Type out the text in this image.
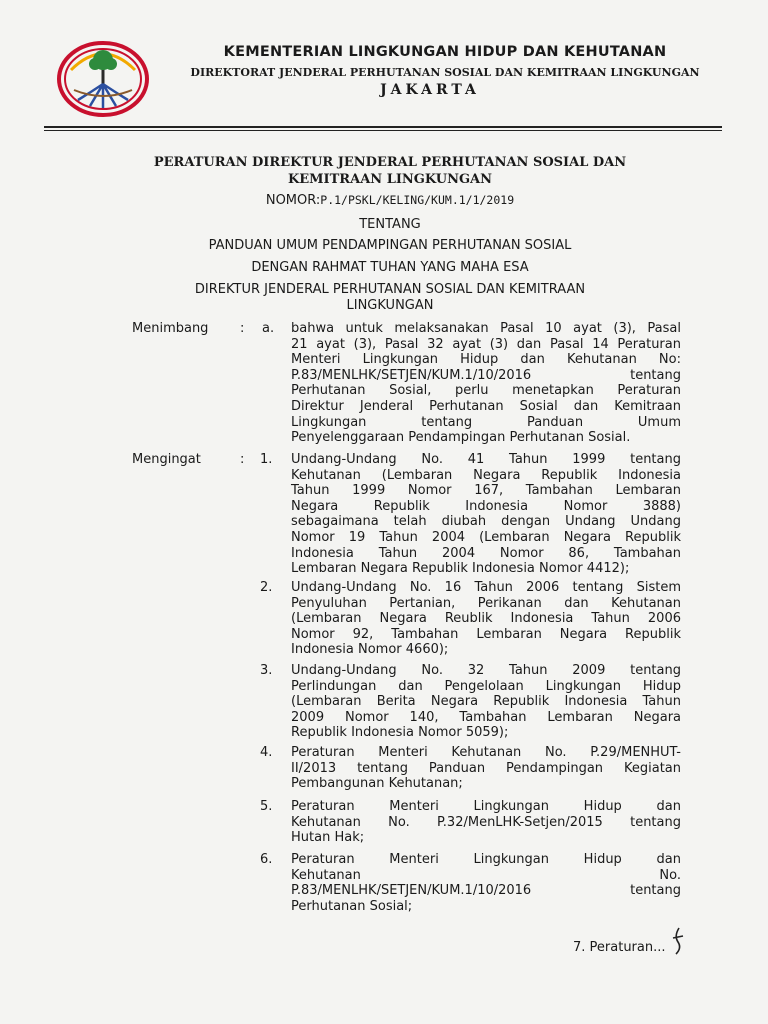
KEMENTERIAN LINGKUNGAN HIDUP DAN KEHUTANAN
DIREKTORAT JENDERAL PERHUTANAN SOSIAL DAN KEMITRAAN LINGKUNGAN
JAKARTA
PERATURAN DIREKTUR JENDERAL PERHUTANAN SOSIAL DAN
KEMITRAAN LINGKUNGAN
NOMOR:P.1/PSKL/KELING/KUM.1/1/2019
TENTANG
PANDUAN UMUM PENDAMPINGAN PERHUTANAN SOSIAL
DENGAN RAHMAT TUHAN YANG MAHA ESA
DIREKTUR JENDERAL PERHUTANAN SOSIAL DAN KEMITRAAN
LINGKUNGAN
Menimbang : a. bahwa untuk melaksanakan Pasal 10 ayat (3), Pasal
21 ayat (3), Pasal 32 ayat (3) dan Pasal 14 Peraturan
Menteri Lingkungan Hidup dan Kehutanan No:
P.83/MENLHK/SETJEN/KUM.1/10/2016 tentang
Perhutanan Sosial, perlu menetapkan Peraturan
Direktur Jenderal Perhutanan Sosial dan Kemitraan
Lingkungan tentang Panduan Umum
Penyelenggaraan Pendampingan Perhutanan Sosial.
Mengingat	: 1. Undang-Undang No. 41 Tahun 1999 tentang
Kehutanan (Lembaran Negara Republik Indonesia
Tahun 1999 Nomor 167, Tambahan Lembaran
Negara Republik Indonesia Nomor 3888)
sebagaimana telah diubah dengan Undang Undang
Nomor 19 Tahun 2004 (Lembaran Negara Republik
Indonesia Tahun 2004 Nomor 86, Tambahan
Lembaran Negara Republik Indonesia Nomor 4412);
2. Undang-Undang No. 16 Tahun 2006 tentang Sistem
Penyuluhan Pertanian, Perikanan dan Kehutanan
(Lembaran Negara Reublik Indonesia Tahun 2006
Nomor 92, Tambahan Lembaran Negara Republik
Indonesia Nomor 4660);
3. Undang-Undang No. 32 Tahun 2009 tentang
Perlindungan dan Pengelolaan Lingkungan Hidup
(Lembaran Berita Negara Republik Indonesia Tahun
2009 Nomor 140, Tambahan Lembaran Negara
Republik Indonesia Nomor 5059);
4. Peraturan Menteri Kehutanan No. P.29/MENHUT-
II/2013 tentang Panduan Pendampingan Kegiatan
Pembangunan Kehutanan;
5. Peraturan Menteri Lingkungan Hidup dan
Kehutanan No. P.32/MenLHK-Setjen/2015 tentang
Hutan Hak;
6. Peraturan Menteri Lingkungan Hidup dan
Kehutanan No.
P.83/MENLHK/SETJEN/KUM.1/10/2016 tentang
Perhutanan Sosial;
7. Peraturan...
